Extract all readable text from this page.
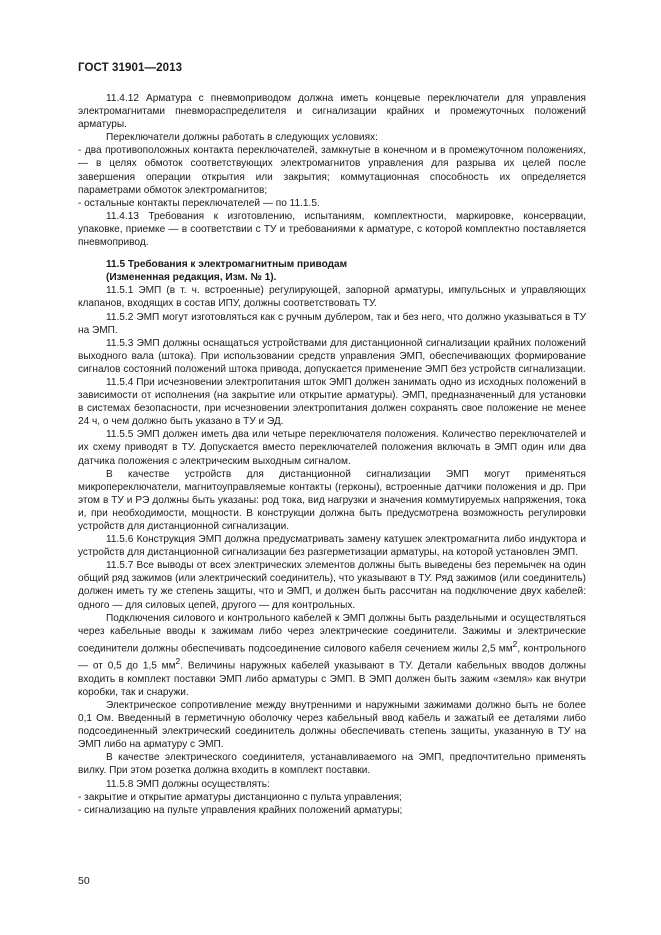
ГОСТ 31901—2013

11.4.12 Арматура с пневмоприводом должна иметь концевые переключатели для управления электромагнитами пневмораспределителя и сигнализации крайних и промежуточных положений арматуры.

Переключатели должны работать в следующих условиях:

- два противоположных контакта переключателей, замкнутые в конечном и в промежуточном положениях, — в целях обмоток соответствующих электромагнитов управления для разрыва их целей после завершения операции открытия или закрытия; коммутационная способность их определяется параметрами обмоток электромагнитов;

- остальные контакты переключателей — по 11.1.5.

11.4.13 Требования к изготовлению, испытаниям, комплектности, маркировке, консервации, упаковке, приемке — в соответствии с ТУ и требованиями к арматуре, с которой комплектно поставляется пневмопривод.

11.5 Требования к электромагнитным приводам

(Измененная редакция, Изм. № 1).

11.5.1 ЭМП (в т. ч. встроенные) регулирующей, запорной арматуры, импульсных и управляющих клапанов, входящих в состав ИПУ, должны соответствовать ТУ.

11.5.2 ЭМП могут изготовляться как с ручным дублером, так и без него, что должно указываться в ТУ на ЭМП.

11.5.3 ЭМП должны оснащаться устройствами для дистанционной сигнализации крайних положений выходного вала (штока). При использовании средств управления ЭМП, обеспечивающих формирование сигналов состояний положений штока привода, допускается применение ЭМП без устройств сигнализации.

11.5.4 При исчезновении электропитания шток ЭМП должен занимать одно из исходных положений в зависимости от исполнения (на закрытие или открытие арматуры). ЭМП, предназначенный для установки в системах безопасности, при исчезновении электропитания должен сохранять свое положение не менее 24 ч, о чем должно быть указано в ТУ и ЭД.

11.5.5 ЭМП должен иметь два или четыре переключателя положения. Количество переключателей и их схему приводят в ТУ. Допускается вместо переключателей положения включать в ЭМП один или два датчика положения с электрическим выходным сигналом.

В качестве устройств для дистанционной сигнализации ЭМП могут применяться микропереключатели, магнитоуправляемые контакты (герконы), встроенные датчики положения и др. При этом в ТУ и РЭ должны быть указаны: род тока, вид нагрузки и значения коммутируемых напряжения, тока и, при необходимости, мощности. В конструкции должна быть предусмотрена возможность регулировки устройств для дистанционной сигнализации.

11.5.6 Конструкция ЭМП должна предусматривать замену катушек электромагнита либо индуктора и устройств для дистанционной сигнализации без разгерметизации арматуры, на которой установлен ЭМП.

11.5.7 Все выводы от всех электрических элементов должны быть выведены без перемычек на один общий ряд зажимов (или электрический соединитель), что указывают в ТУ. Ряд зажимов (или соединитель) должен иметь ту же степень защиты, что и ЭМП, и должен быть рассчитан на подключение двух кабелей: одного — для силовых цепей, другого — для контрольных.

Подключения силового и контрольного кабелей к ЭМП должны быть раздельными и осуществляться через кабельные вводы к зажимам либо через электрические соединители. Зажимы и электрические соединители должны обеспечивать подсоединение силового кабеля сечением жилы 2,5 $мм^2$, контрольного — от 0,5 до 1,5 $мм^2$. Величины наружных кабелей указывают в ТУ. Детали кабельных вводов должны входить в комплект поставки ЭМП либо арматуры с ЭМП. В ЭМП должен быть зажим «земля» как внутри коробки, так и снаружи.

Электрическое сопротивление между внутренними и наружными зажимами должно быть не более 0,1 Ом. Введенный в герметичную оболочку через кабельный ввод кабель и зажатый ее деталями либо подсоединенный электрический соединитель должны обеспечивать степень защиты, указанную в ТУ на ЭМП либо на арматуру с ЭМП.

В качестве электрического соединителя, устанавливаемого на ЭМП, предпочтительно применять вилку. При этом розетка должна входить в комплект поставки.

11.5.8 ЭМП должны осуществлять:

- закрытие и открытие арматуры дистанционно с пульта управления;

- сигнализацию на пульте управления крайних положений арматуры;

50
